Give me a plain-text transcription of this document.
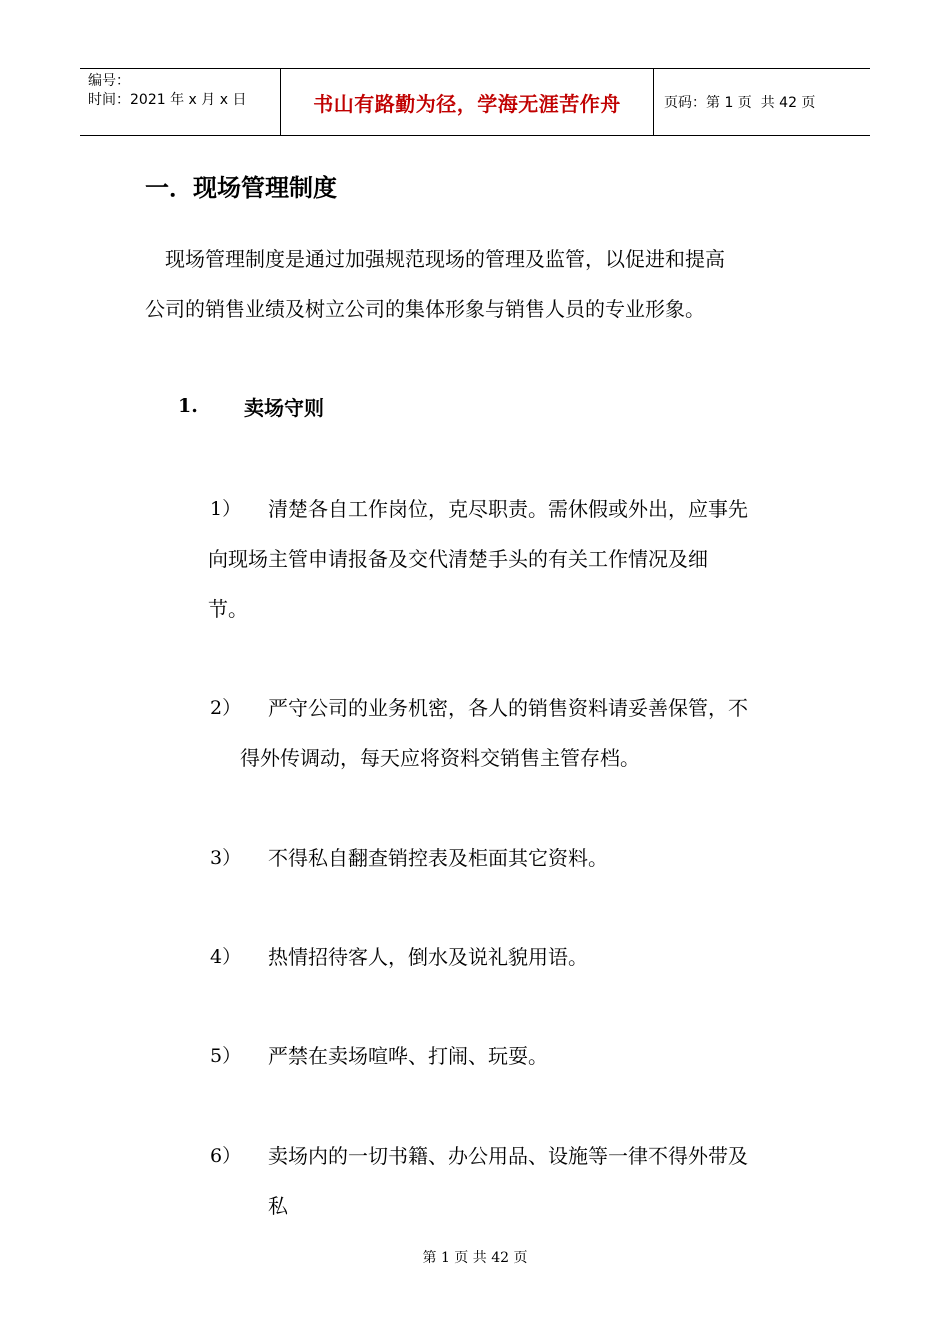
编号：
时间：2021 年 x 月 x 日	书山有路勤为径，学海无涯苦作舟	页码：第 1 页  共 42 页
一．现场管理制度
现场管理制度是通过加强规范现场的管理及监管，以促进和提高
公司的销售业绩及树立公司的集体形象与销售人员的专业形象。
1. 卖场守则
1） 清楚各自工作岗位，克尽职责。需休假或外出，应事先
向现场主管申请报备及交代清楚手头的有关工作情况及细
节。
2） 严守公司的业务机密，各人的销售资料请妥善保管，不
得外传调动，每天应将资料交销售主管存档。
3） 不得私自翻查销控表及柜面其它资料。
4） 热情招待客人，倒水及说礼貌用语。
5） 严禁在卖场喧哗、打闹、玩耍。
6） 卖场内的一切书籍、办公用品、设施等一律不得外带及
私
第 1 页 共 42 页
